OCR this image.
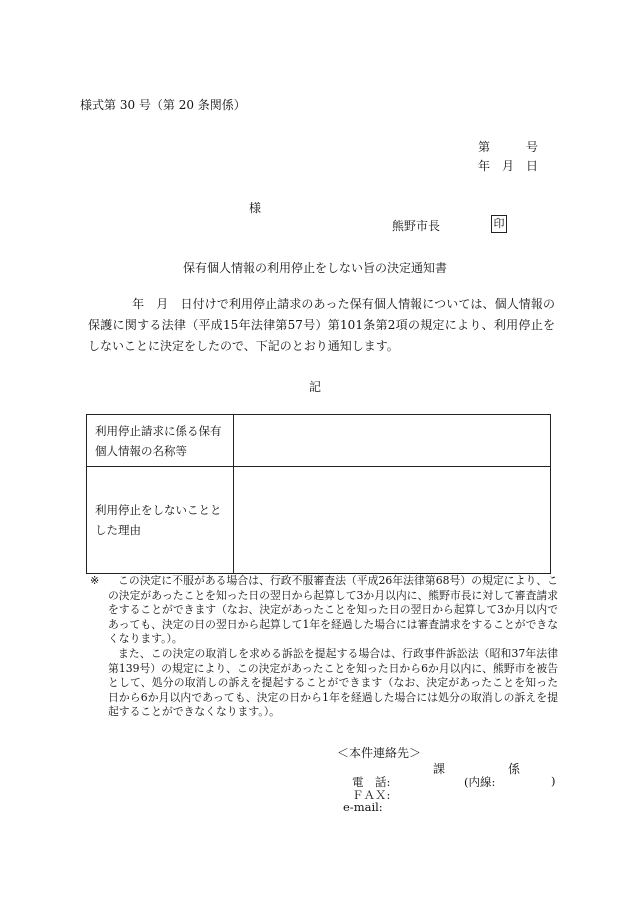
様式第 30 号（第 20 条関係）
第　　　号
年　月　日
様
熊野市長	印
保有個人情報の利用停止をしない旨の決定通知書
年　月　日付けで利用停止請求のあった保有個人情報については、個人情報の保護に関する法律（平成15年法律第57号）第101条第2項の規定により、利用停止をしないことに決定をしたので、下記のとおり通知します。
記
利用停止請求に係る保有個人情報の名称等	
利用停止をしないこととした理由	
※	この決定に不服がある場合は、行政不服審査法（平成26年法律第68号）の規定により、この決定があったことを知った日の翌日から起算して3か月以内に、熊野市長に対して審査請求をすることができます（なお、決定があったことを知った日の翌日から起算して3か月以内であっても、決定の日の翌日から起算して1年を経過した場合には審査請求をすることができなくなります。）。

また、この決定の取消しを求める訴訟を提起する場合は、行政事件訴訟法（昭和37年法律第139号）の規定により、この決定があったことを知った日から6か月以内に、熊野市を被告として、処分の取消しの訴えを提起することができます（なお、決定があったことを知った日から6か月以内であっても、決定の日から1年を経過した場合には処分の取消しの訴えを提起することができなくなります。）。

＜本件連絡先＞
課	係
電　話:	(内線:	)
ＦＡＸ:
e-mail:
